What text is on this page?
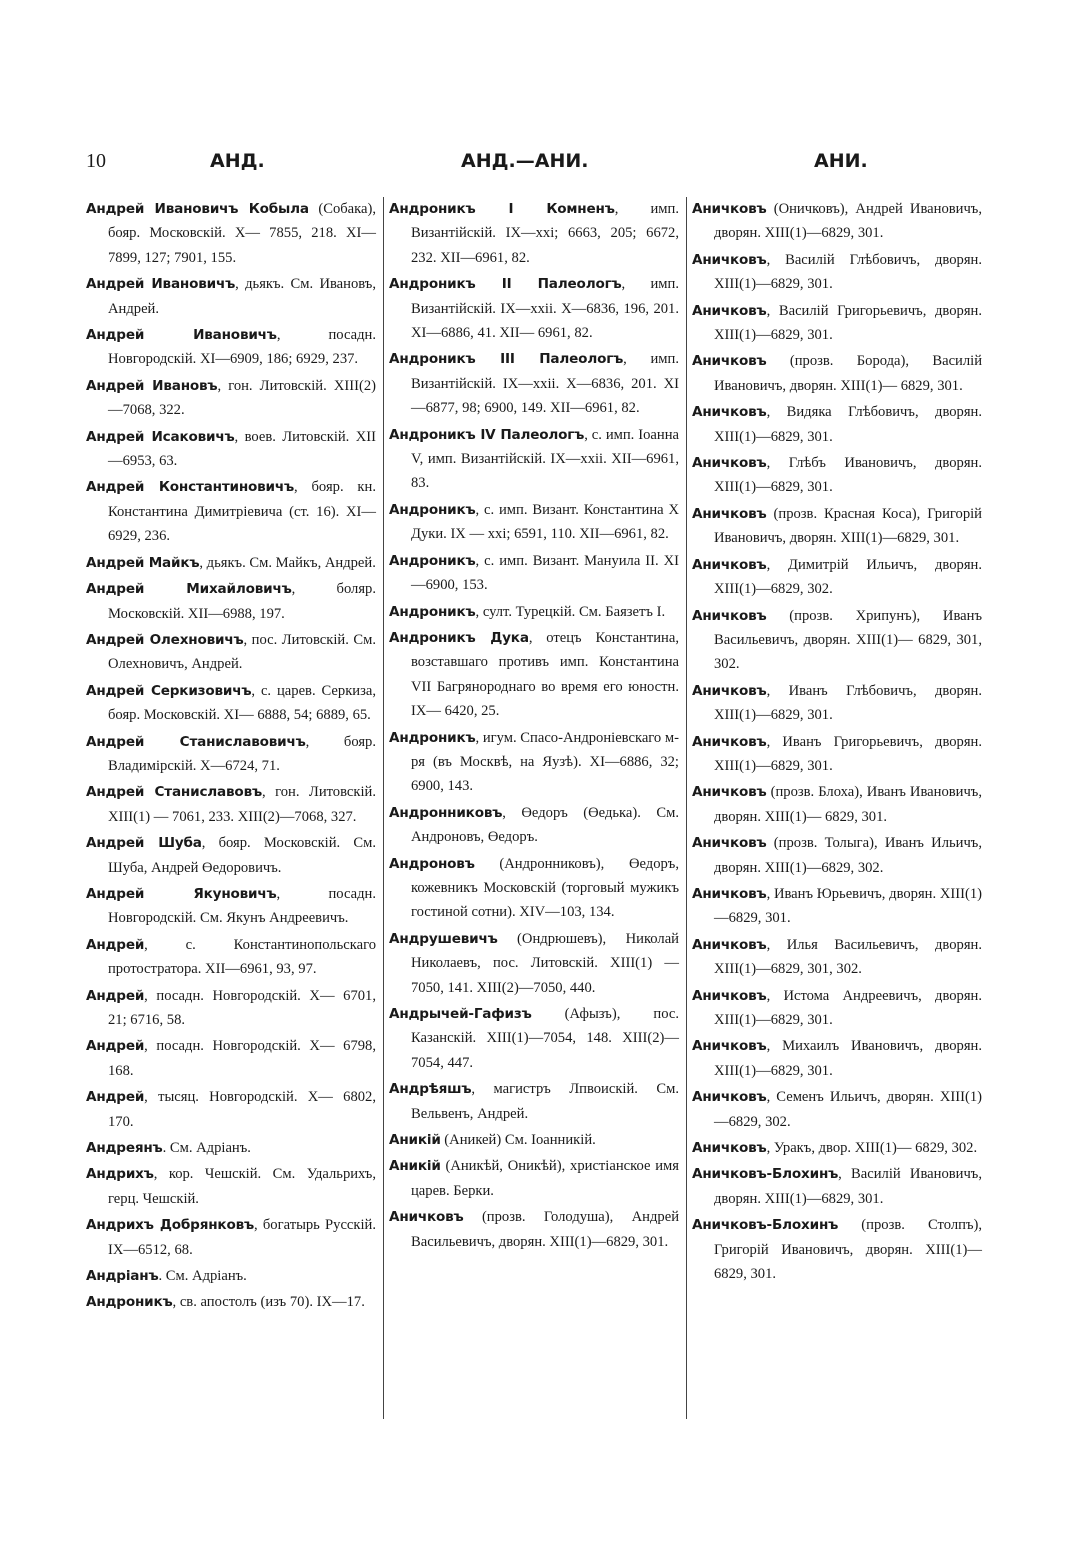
10	АНД.	АНД.—АНИ.	АНИ.
Андрей Ивановичъ Кобыла (Собака), бояр. Московскій. X— 7855, 218. XI—7899, 127; 7901, 155.
Андрей Ивановичъ, дьякъ. См. Ивановъ, Андрей.
Андрей Ивановичъ, посадн. Новгородскій. XI—6909, 186; 6929, 237.
Андрей Ивановъ, гон. Литовскій. XIII(2)—7068, 322.
Андрей Исаковичъ, воев. Литовскій. XII—6953, 63.
Андрей Константиновичъ, бояр. кн. Константина Димитріевича (ст. 16). XI—6929, 236.
Андрей Майкъ, дьякъ. См. Майкъ, Андрей.
Андрей Михайловичъ, боляр. Московскій. XII—6988, 197.
Андрей Олехновичъ, пос. Литовскій. См. Олехновичъ, Андрей.
Андрей Серкизовичъ, с. царев. Серкиза, бояр. Московскій. XI— 6888, 54; 6889, 65.
Андрей Станиславовичъ, бояр. Владимірскій. X—6724, 71.
Андрей Станиславовъ, гон. Литовскій. XIII(1) — 7061, 233. XIII(2)—7068, 327.
Андрей Шуба, бояр. Московскій. См. Шуба, Андрей Өедоровичъ.
Андрей Якуновичъ, посадн. Новгородскій. См. Якунъ Андреевичъ.
Андрей, с. Константинопольскаго протостратора. XII—6961, 93, 97.
Андрей, посадн. Новгородскій. X— 6701, 21; 6716, 58.
Андрей, посадн. Новгородскій. X— 6798, 168.
Андрей, тысяц. Новгородскій. X— 6802, 170.
Андреянъ. См. Адріанъ.
Андрихъ, кор. Чешскій. См. Удальрихъ, герц. Чешскій.
Андрихъ Добрянковъ, богатырь Русскій. IX—6512, 68.
Андріанъ. См. Адріанъ.
Андроникъ, св. апостолъ (изъ 70). IX—17.
Андроникъ I Комненъ, имп. Византійскій. IX—xxi; 6663, 205; 6672, 232. XII—6961, 82.
Андроникъ II Палеологъ, имп. Византійскій. IX—xxii. X—6836, 196, 201. XI—6886, 41. XII— 6961, 82.
Андроникъ III Палеологъ, имп. Византійскій. IX—xxii. X—6836, 201. XI—6877, 98; 6900, 149. XII—6961, 82.
Андроникъ IV Палеологъ, с. имп. Іоанна V, имп. Византійскій. IX—xxii. XII—6961, 83.
Андроникъ, с. имп. Визант. Константина X Дуки. IX — xxi; 6591, 110. XII—6961, 82.
Андроникъ, с. имп. Визант. Мануила II. XI—6900, 153.
Андроникъ, султ. Турецкій. См. Баязетъ I.
Андроникъ Дука, отецъ Константина, возставшаго противъ имп. Константина VII Багрянороднаго во время его юностн. IX— 6420, 25.
Андроникъ, игум. Спасо-Андроніевскаго м-ря (въ Москвѣ, на Яузѣ). XI—6886, 32; 6900, 143.
Андронниковъ, Өедоръ (Өедька). См. Андроновъ, Өедоръ.
Андроновъ (Андронниковъ), Өедоръ, кожевникъ Московскій (торговый мужикъ гостиной сотни). XIV—103, 134.
Андрушевичъ (Ондрюшевъ), Николай Николаевъ, пос. Литовскій. XIII(1) — 7050, 141. XIII(2)—7050, 440.
Андрычей-Гафизъ (Афызъ), пос. Казанскій. XIII(1)—7054, 148. XIII(2)—7054, 447.
Андрѣяшъ, магистръ Лпвоискій. См. Вельвенъ, Андрей.
Аникій (Аникей) См. Іоанникій.
Аникій (Аникѣй, Оникѣй), христіанское имя царев. Берки.
Аничковъ (прозв. Голодуша), Андрей Васильевичъ, дворян. XIII(1)—6829, 301.
Аничковъ (Оничковъ), Андрей Ивановичъ, дворян. XIII(1)—6829, 301.
Аничковъ, Василій Глѣбовичъ, дворян. XIII(1)—6829, 301.
Аничковъ, Василій Григорьевичъ, дворян. XIII(1)—6829, 301.
Аничковъ (прозв. Борода), Василій Ивановичъ, дворян. XIII(1)— 6829, 301.
Аничковъ, Видяка Глѣбовичъ, дворян. XIII(1)—6829, 301.
Аничковъ, Глѣбъ Ивановичъ, дворян. XIII(1)—6829, 301.
Аничковъ (прозв. Красная Коса), Григорій Ивановичъ, дворян. XIII(1)—6829, 301.
Аничковъ, Димитрій Ильичъ, дворян. XIII(1)—6829, 302.
Аничковъ (прозв. Хрипунъ), Иванъ Васильевичъ, дворян. XIII(1)— 6829, 301, 302.
Аничковъ, Иванъ Глѣбовичъ, дворян. XIII(1)—6829, 301.
Аничковъ, Иванъ Григорьевичъ, дворян. XIII(1)—6829, 301.
Аничковъ (прозв. Блоха), Иванъ Ивановичъ, дворян. XIII(1)— 6829, 301.
Аничковъ (прозв. Толыга), Иванъ Ильичъ, дворян. XIII(1)—6829, 302.
Аничковъ, Иванъ Юрьевичъ, дворян. XIII(1)—6829, 301.
Аничковъ, Илья Васильевичъ, дворян. XIII(1)—6829, 301, 302.
Аничковъ, Истома Андреевичъ, дворян. XIII(1)—6829, 301.
Аничковъ, Михаилъ Ивановичъ, дворян. XIII(1)—6829, 301.
Аничковъ, Семенъ Ильичъ, дворян. XIII(1)—6829, 302.
Аничковъ, Уракъ, двор. XIII(1)— 6829, 302.
Аничковъ-Блохинъ, Василій Ивановичъ, дворян. XIII(1)—6829, 301.
Аничковъ-Блохинъ (прозв. Столпъ), Григорій Ивановичъ, дворян. XIII(1)—6829, 301.
